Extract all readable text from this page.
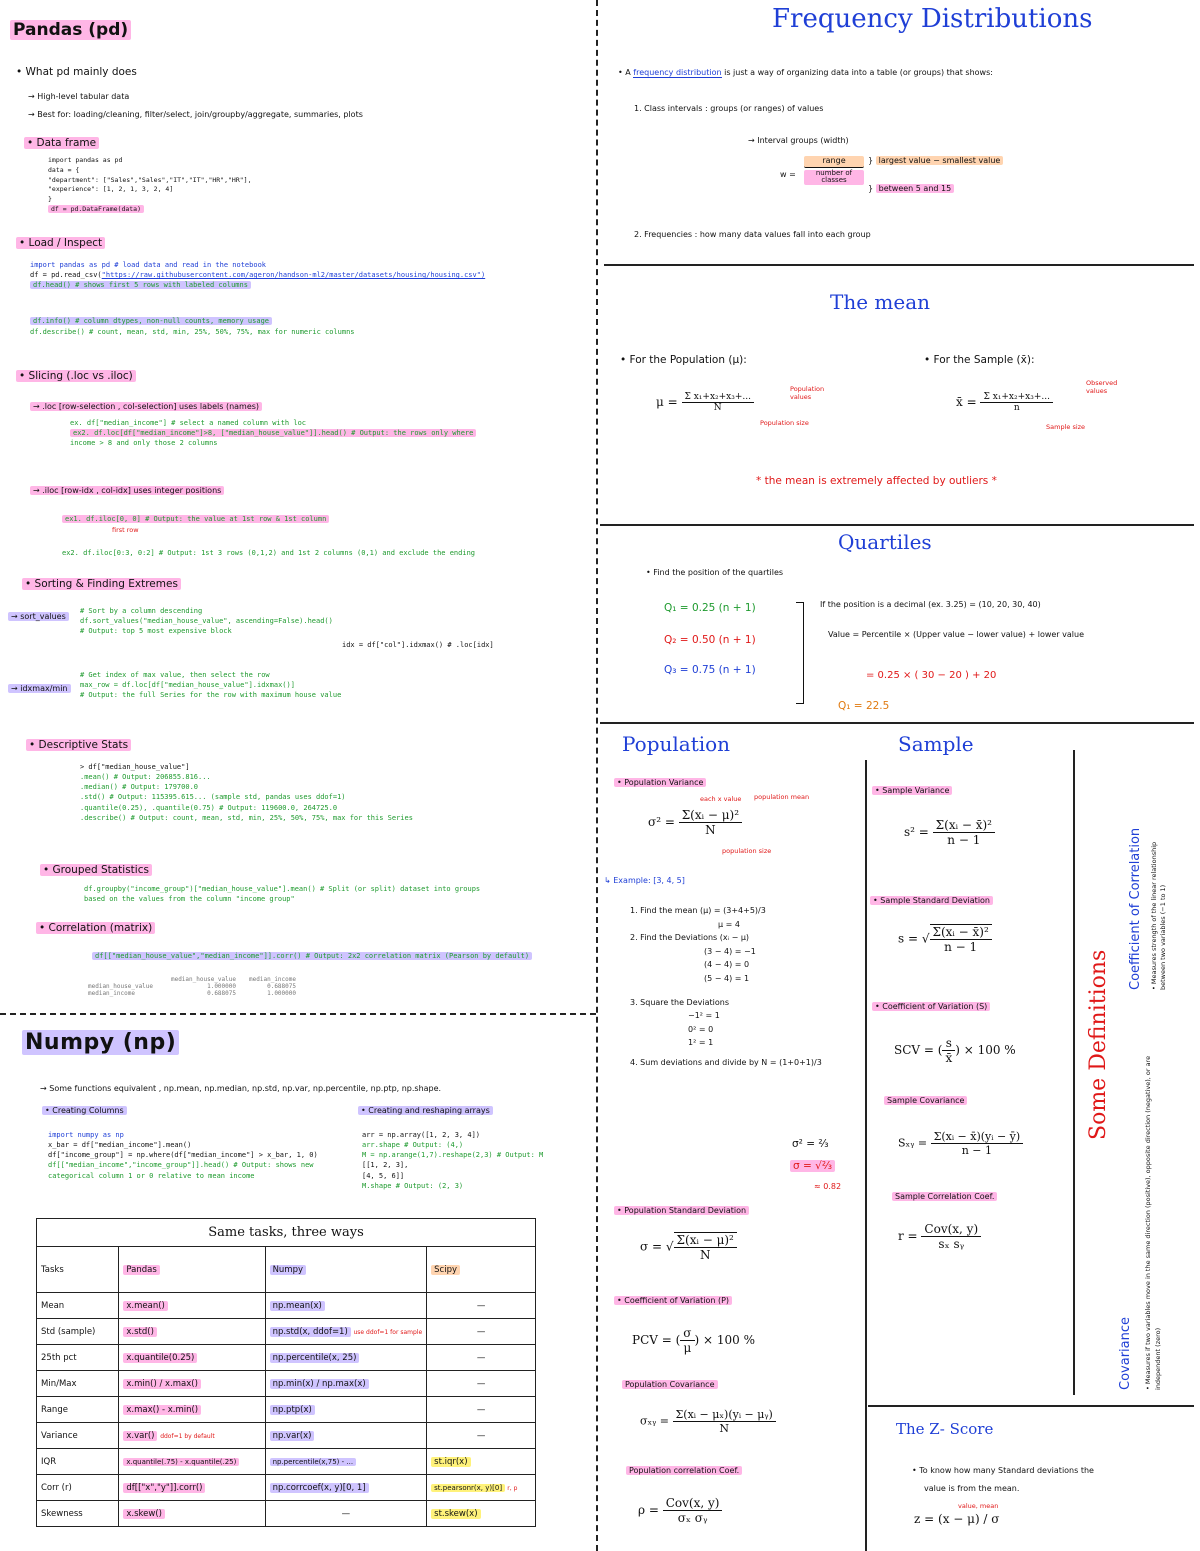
Pandas (pd)
• What pd mainly does
→ High-level tabular data
→ Best for: loading/cleaning, filter/select, join/groupby/aggregate, summaries, plots
• Data frame
import pandas as pd
data = {
"department": ["Sales","Sales","IT","IT","HR","HR"],
"experience": [1, 2, 1, 3, 2, 4]
}
df = pd.DataFrame(data)
• Load / Inspect
import pandas as pd # load data and read in the notebook
df = pd.read_csv("https://raw.githubusercontent.com/ageron/handson-ml2/master/datasets/housing/housing.csv")
df.head() # shows first 5 rows with labeled columns
df.info() # column dtypes, non-null counts, memory usage
df.describe() # count, mean, std, min, 25%, 50%, 75%, max for numeric columns
• Slicing (.loc vs .iloc)
→ .loc [row-selection , col-selection] uses labels (names)
ex. df["median_income"] # select a named column with loc
ex2. df.loc[df["median_income"]>8, ["median_house_value"]].head() # Output: the rows only where
income > 8 and only those 2 columns
→ .iloc [row-idx , col-idx] uses integer positions
ex1. df.iloc[0, 0] # Output: the value at 1st row & 1st column
first row
ex2. df.iloc[0:3, 0:2] # Output: 1st 3 rows (0,1,2) and 1st 2 columns (0,1) and exclude the ending
• Sorting & Finding Extremes
→ sort_values
# Sort by a column descending
df.sort_values("median_house_value", ascending=False).head()
# Output: top 5 most expensive block
idx = df["col"].idxmax() # .loc[idx]
→ idxmax/min
# Get index of max value, then select the row
max_row = df.loc[df["median_house_value"].idxmax()]
# Output: the full Series for the row with maximum house value
• Descriptive Stats
> df["median_house_value"]
.mean() # Output: 206855.816...
.median() # Output: 179700.0
.std() # Output: 115395.615... (sample std, pandas uses ddof=1)
.quantile(0.25), .quantile(0.75) # Output: 119600.0, 264725.0
.describe() # Output: count, mean, std, min, 25%, 50%, 75%, max for this Series
• Grouped Statistics
df.groupby("income_group")["median_house_value"].mean() # Split (or split) dataset into groups
based on the values from the column "income group"
• Correlation (matrix)
df[["median_house_value","median_income"]].corr() # Output: 2x2 correlation matrix (Pearson by default)
	median_house_value	median_income
median_house_value	1.000000	0.688075
median_income	0.688075	1.000000
Numpy (np)
→ Some functions equivalent , np.mean, np.median, np.std, np.var, np.percentile, np.ptp, np.shape.
• Creating Columns
import numpy as np
x_bar = df["median_income"].mean()
df["income_group"] = np.where(df["median_income"] > x_bar, 1, 0)
df[["median_income","income_group"]].head() # Output: shows new
categorical column 1 or 0 relative to mean income
• Creating and reshaping arrays
arr = np.array([1, 2, 3, 4])
arr.shape # Output: (4,)
M = np.arange(1,7).reshape(2,3) # Output: M
[[1, 2, 3],
[4, 5, 6]]
M.shape # Output: (2, 3)
Same tasks, three ways			
Tasks	Pandas	Numpy	Scipy
Mean	x.mean()	np.mean(x)	—
Std (sample)	x.std()	np.std(x, ddof=1) use ddof=1 for sample	—
25th pct	x.quantile(0.25)	np.percentile(x, 25)	—
Min/Max	x.min() / x.max()	np.min(x) / np.max(x)	—
Range	x.max() - x.min()	np.ptp(x)	—
Variance	x.var() ddof=1 by default	np.var(x)	—
IQR	x.quantile(.75) - x.quantile(.25)	np.percentile(x,75) - ...	st.iqr(x)
Corr (r)	df[["x","y"]].corr()	np.corrcoef(x, y)[0, 1]	st.pearsonr(x, y)[0] r, p
Skewness	x.skew()	—	st.skew(x)
Frequency Distributions
• A frequency distribution is just a way of organizing data into a table (or groups) that shows:
1. Class intervals : groups (or ranges) of values
→ Interval groups (width)
w =
range
number of classes
} largest value − smallest value
} between 5 and 15
2. Frequencies : how many data values fall into each group
The mean
• For the Population (μ):	• For the Sample (x̄):
$\mu = \frac{\text{Σ x₁+x₂+x₃+...}}{N}$
Population values
Population size
x̄ = $\frac{\text{Σ x₁+x₂+x₃+...}}{n}$
Observed values
Sample size
* the mean is extremely affected by outliers *
Quartiles
• Find the position of the quartiles
Q₁ = 0.25 (n + 1)
Q₂ = 0.50 (n + 1)
Q₃ = 0.75 (n + 1)
If the position is a decimal (ex. 3.25) = (10, 20, 30, 40)
Value = Percentile × (Upper value − lower value) + lower value
= 0.25 × ( 30 − 20 ) + 20
Q₁ = 22.5
Population
• Population Variance
$\sigma^2 = \frac{\text{Σ(xᵢ − μ)²}}{N}$
each x value population mean
population size
↳ Example: [3, 4, 5]
1. Find the mean (μ) = (3+4+5)/3
μ = 4
2. Find the Deviations (xᵢ − μ)
(3 − 4) = −1
(4 − 4) = 0
(5 − 4) = 1
3. Square the Deviations
−1² = 1
0² = 0
1² = 1
4. Sum deviations and divide by N = (1+0+1)/3
σ² = ⅔
σ = √⅔
≈ 0.82
• Population Standard Deviation
σ = √ $\frac{\text{Σ(xᵢ − μ)²}}{N}$
• Coefficient of Variation (P)
PCV = ( $\frac{\sigma}{\mu}$ ) × 100 %
Population Covariance
σₓᵧ = $\frac{\text{Σ(xᵢ − μₓ)(yᵢ − μᵧ)}}{N}$
Population correlation Coef.
$\rho = \frac{\text{Cov(x, y)}}{\text{σₓ σᵧ}}$
Sample
• Sample Variance
$s^2 = \frac{\text{Σ(xᵢ − x̄)²}}{n - 1}$
• Sample Standard Deviation
s = √ $\frac{\text{Σ(xᵢ − x̄)²}}{n - 1}$
• Coefficient of Variation (S)
SCV = ( $\frac{s}{x̄}$ ) × 100 %
Sample Covariance
Sₓᵧ = $\frac{\text{Σ(xᵢ − x̄)(yᵢ − ȳ)}}{n - 1}$
Sample Correlation Coef.
$r = \frac{\text{Cov(x, y)}}{\text{sₓ sᵧ}}$
Some Definitions
Coefficient of Correlation • Measures strength of the linear relationship between two variables (−1 to 1)
Covariance • Measures if two variables move in the same direction (positive), opposite direction (negative), or are independent (zero)
The Z- Score
• To know how many Standard deviations the
value is from the mean.
value, mean
z = (x − μ) / σ
